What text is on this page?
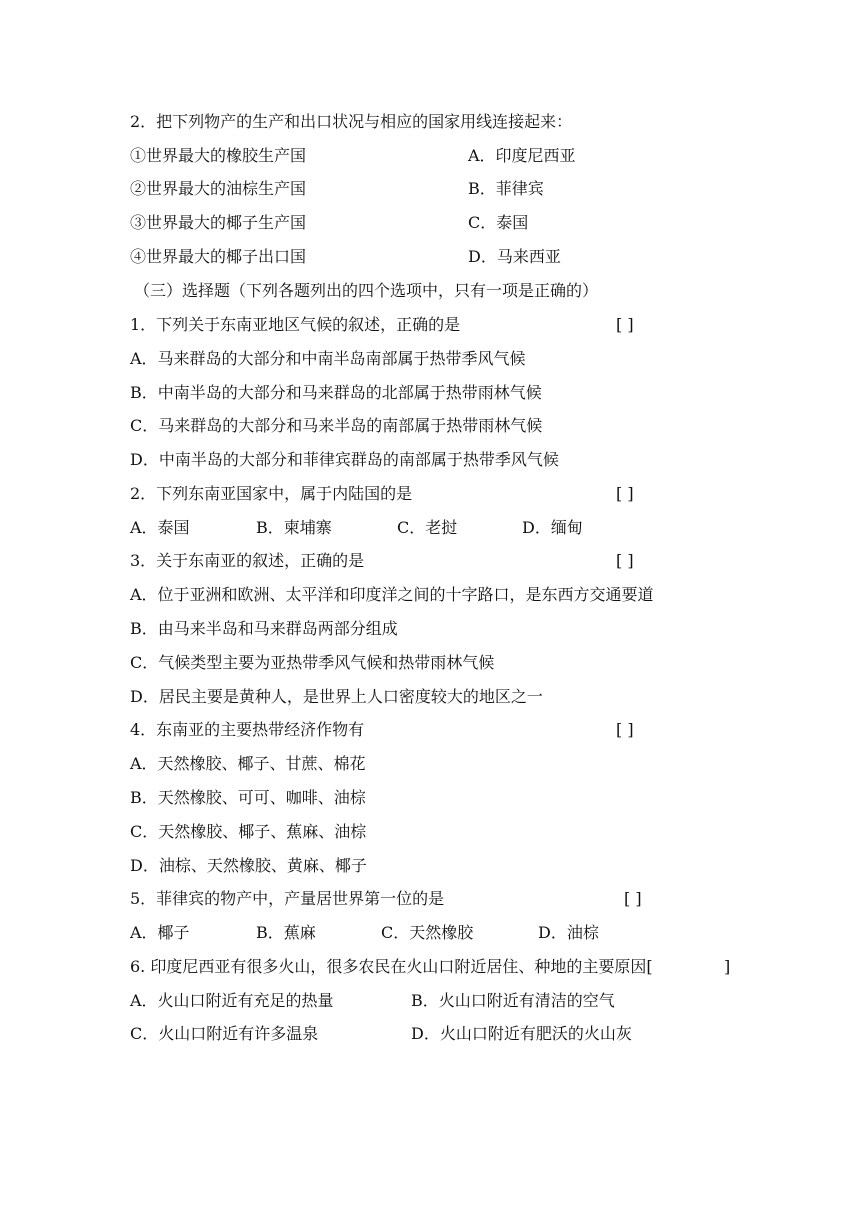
2．把下列物产的生产和出口状况与相应的国家用线连接起来：
①世界最大的橡胶生产国	A．印度尼西亚
②世界最大的油棕生产国	B．菲律宾
③世界最大的椰子生产国	C．泰国
④世界最大的椰子出口国	D．马来西亚
（三）选择题（下列各题列出的四个选项中，只有一项是正确的）
1．下列关于东南亚地区气候的叙述，正确的是	[ ]
A．马来群岛的大部分和中南半岛南部属于热带季风气候
B．中南半岛的大部分和马来群岛的北部属于热带雨林气候
C．马来群岛的大部分和马来半岛的南部属于热带雨林气候
D．中南半岛的大部分和菲律宾群岛的南部属于热带季风气候
2．下列东南亚国家中，属于内陆国的是	[ ]
A．泰国	B．柬埔寨	C．老挝	D．缅甸
3．关于东南亚的叙述，正确的是	[ ]
A．位于亚洲和欧洲、太平洋和印度洋之间的十字路口，是东西方交通要道
B．由马来半岛和马来群岛两部分组成
C．气候类型主要为亚热带季风气候和热带雨林气候
D．居民主要是黄种人，是世界上人口密度较大的地区之一
4．东南亚的主要热带经济作物有	[ ]
A．天然橡胶、椰子、甘蔗、棉花
B．天然橡胶、可可、咖啡、油棕
C．天然橡胶、椰子、蕉麻、油棕
D．油棕、天然橡胶、黄麻、椰子
5．菲律宾的物产中，产量居世界第一位的是	[ ]
A．椰子	B．蕉麻	C．天然橡胶	D．油棕
6. 印度尼西亚有很多火山，很多农民在火山口附近居住、种地的主要原因[	]
A．火山口附近有充足的热量	B．火山口附近有清洁的空气
C．火山口附近有许多温泉	D．火山口附近有肥沃的火山灰
